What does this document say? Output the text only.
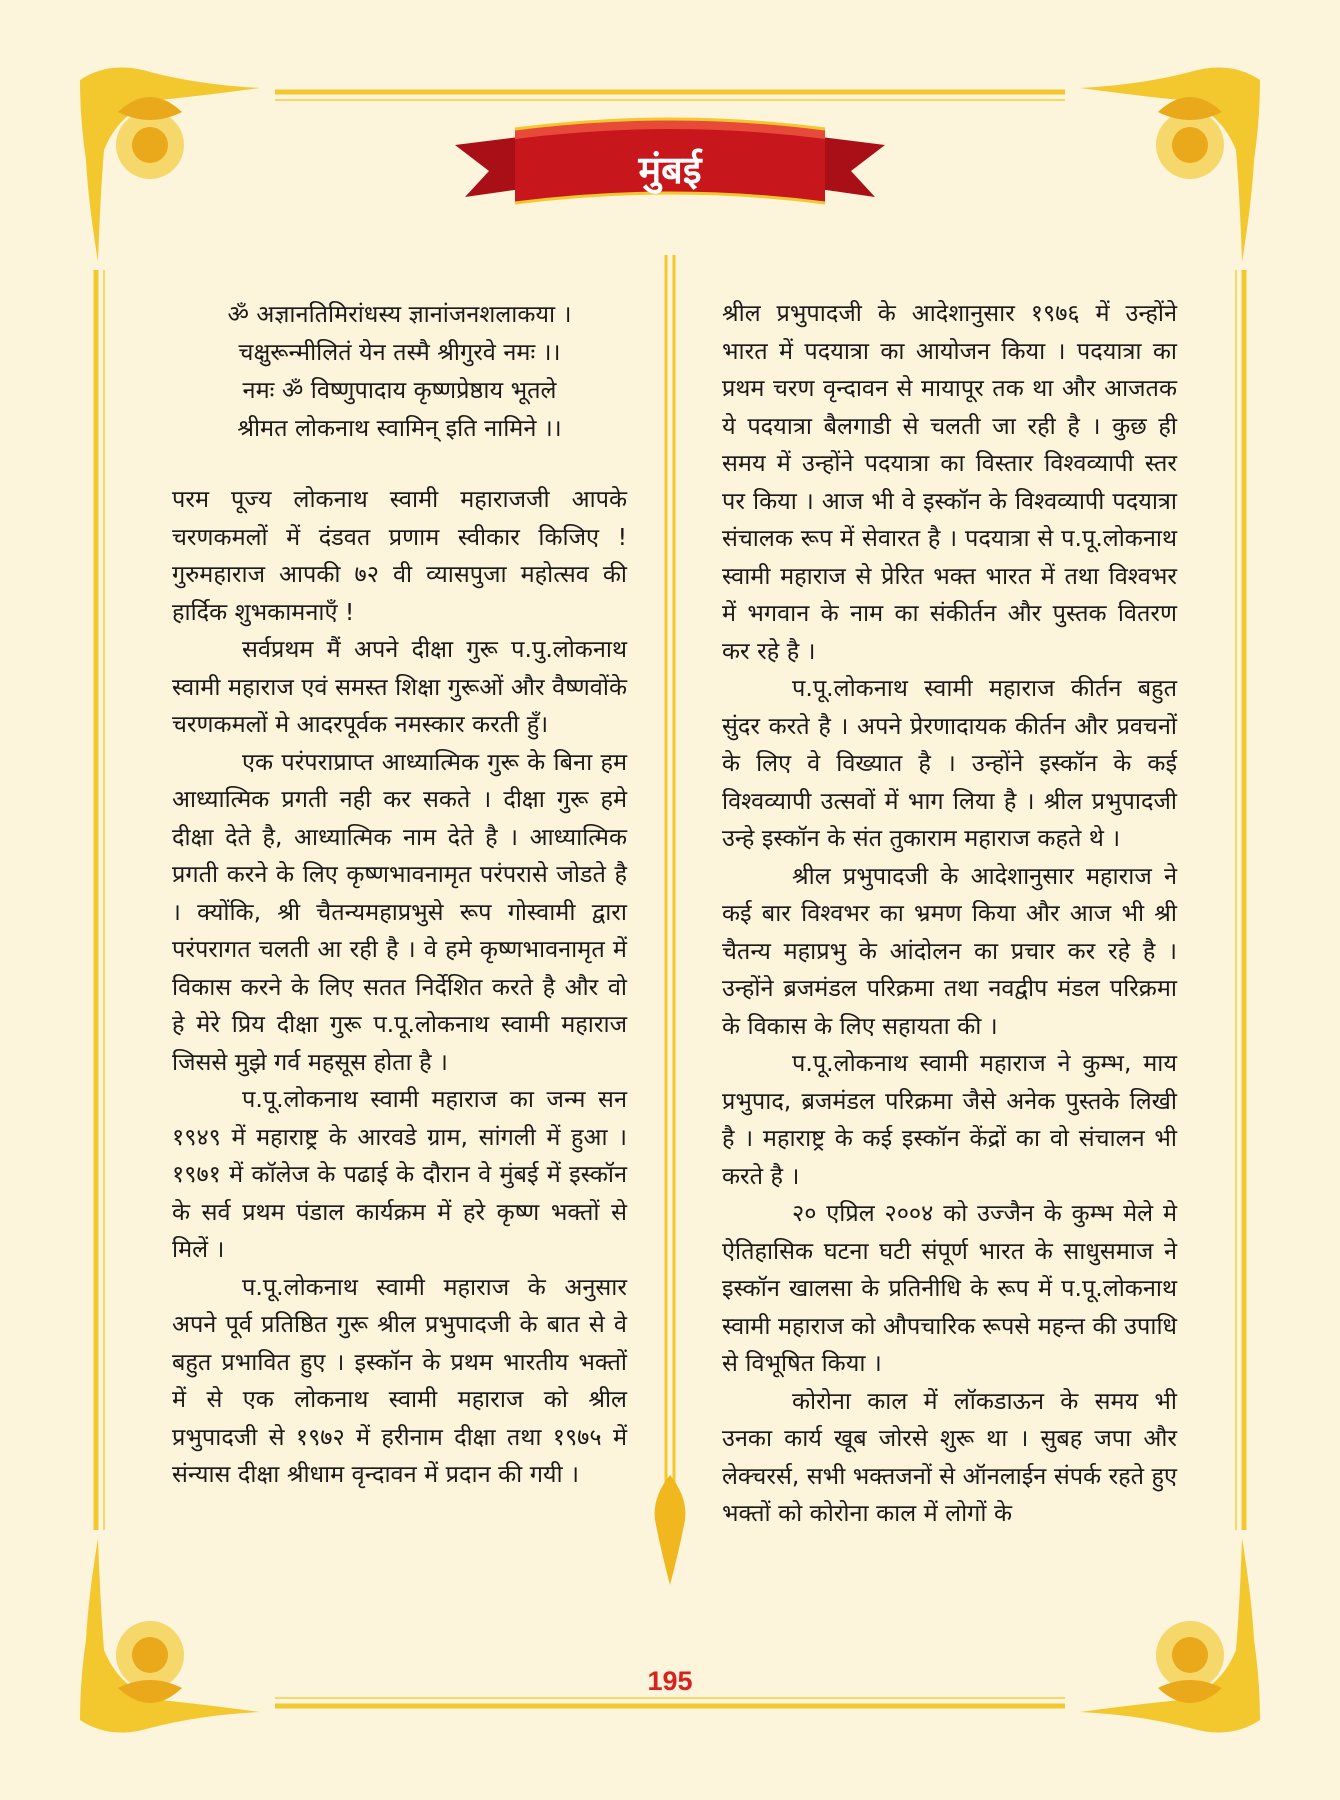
मुंबई

ॐ अज्ञानतिमिरांधस्य ज्ञानांजनशलाकया ।
चक्षुरून्मीलितं येन तस्मै श्रीगुरवे नमः ।।
नमः ॐ विष्णुपादाय कृष्णप्रेष्ठाय भूतले
श्रीमत लोकनाथ स्वामिन् इति नामिने ।।

परम पूज्य लोकनाथ स्वामी महाराजजी आपके चरणकमलों में दंडवत प्रणाम स्वीकार किजिए ! गुरुमहाराज आपकी ७२ वी व्यासपुजा महोत्सव की हार्दिक शुभकामनाएँ !

सर्वप्रथम मैं अपने दीक्षा गुरू प.पु.लोकनाथ स्वामी महाराज एवं समस्त शिक्षा गुरूओं और वैष्णवोंके चरणकमलों मे आदरपूर्वक नमस्कार करती हुँ।

एक परंपराप्राप्त आध्यात्मिक गुरू के बिना हम आध्यात्मिक प्रगती नही कर सकते । दीक्षा गुरू हमे दीक्षा देते है, आध्यात्मिक नाम देते है । आध्यात्मिक प्रगती करने के लिए कृष्णभावनामृत परंपरासे जोडते है । क्योंकि, श्री चैतन्यमहाप्रभुसे रूप गोस्वामी द्वारा परंपरागत चलती आ रही है । वे हमे कृष्णभावनामृत में विकास करने के लिए सतत निर्देशित करते है और वो हे मेरे प्रिय दीक्षा गुरू प.पू.लोकनाथ स्वामी महाराज जिससे मुझे गर्व महसूस होता है ।

प.पू.लोकनाथ स्वामी महाराज का जन्म सन १९४९ में महाराष्ट्र के आरवडे ग्राम, सांगली में हुआ । १९७१ में कॉलेज के पढाई के दौरान वे मुंबई में इस्कॉन के सर्व प्रथम पंडाल कार्यक्रम में हरे कृष्ण भक्तों से मिलें ।

प.पू.लोकनाथ स्वामी महाराज के अनुसार अपने पूर्व प्रतिष्ठित गुरू श्रील प्रभुपादजी के बात से वे बहुत प्रभावित हुए । इस्कॉन के प्रथम भारतीय भक्तों में से एक लोकनाथ स्वामी महाराज को श्रील प्रभुपादजी से १९७२ में हरीनाम दीक्षा तथा १९७५ में संन्यास दीक्षा श्रीधाम वृन्दावन में प्रदान की गयी ।

श्रील प्रभुपादजी के आदेशानुसार १९७६ में उन्होंने भारत में पदयात्रा का आयोजन किया । पदयात्रा का प्रथम चरण वृन्दावन से मायापूर तक था और आजतक ये पदयात्रा बैलगाडी से चलती जा रही है । कुछ ही समय में उन्होंने पदयात्रा का विस्तार विश्वव्यापी स्तर पर किया । आज भी वे इस्कॉन के विश्वव्यापी पदयात्रा संचालक रूप में सेवारत है । पदयात्रा से प.पू.लोकनाथ स्वामी महाराज से प्रेरित भक्त भारत में तथा विश्वभर में भगवान के नाम का संकीर्तन और पुस्तक वितरण कर रहे है ।

प.पू.लोकनाथ स्वामी महाराज कीर्तन बहुत सुंदर करते है । अपने प्रेरणादायक कीर्तन और प्रवचनों के लिए वे विख्यात है । उन्होंने इस्कॉन के कई विश्वव्यापी उत्सवों में भाग लिया है । श्रील प्रभुपादजी उन्हे इस्कॉन के संत तुकाराम महाराज कहते थे ।

श्रील प्रभुपादजी के आदेशानुसार महाराज ने कई बार विश्वभर का भ्रमण किया और आज भी श्री चैतन्य महाप्रभु के आंदोलन का प्रचार कर रहे है । उन्होंने ब्रजमंडल परिक्रमा तथा नवद्वीप मंडल परिक्रमा के विकास के लिए सहायता की ।

प.पू.लोकनाथ स्वामी महाराज ने कुम्भ, माय प्रभुपाद, ब्रजमंडल परिक्रमा जैसे अनेक पुस्तके लिखी है । महाराष्ट्र के कई इस्कॉन केंद्रों का वो संचालन भी करते है ।

२० एप्रिल २००४ को उज्जैन के कुम्भ मेले मे ऐतिहासिक घटना घटी संपूर्ण भारत के साधुसमाज ने इस्कॉन खालसा के प्रतिनीधि के रूप में प.पू.लोकनाथ स्वामी महाराज को औपचारिक रूपसे महन्त की उपाधि से विभूषित किया ।

कोरोना काल में लॉकडाऊन के समय भी उनका कार्य खूब जोरसे शुरू था । सुबह जपा और लेक्चरर्स, सभी भक्तजनों से ऑनलाईन संपर्क रहते हुए भक्तों को कोरोना काल में लोगों के

195
